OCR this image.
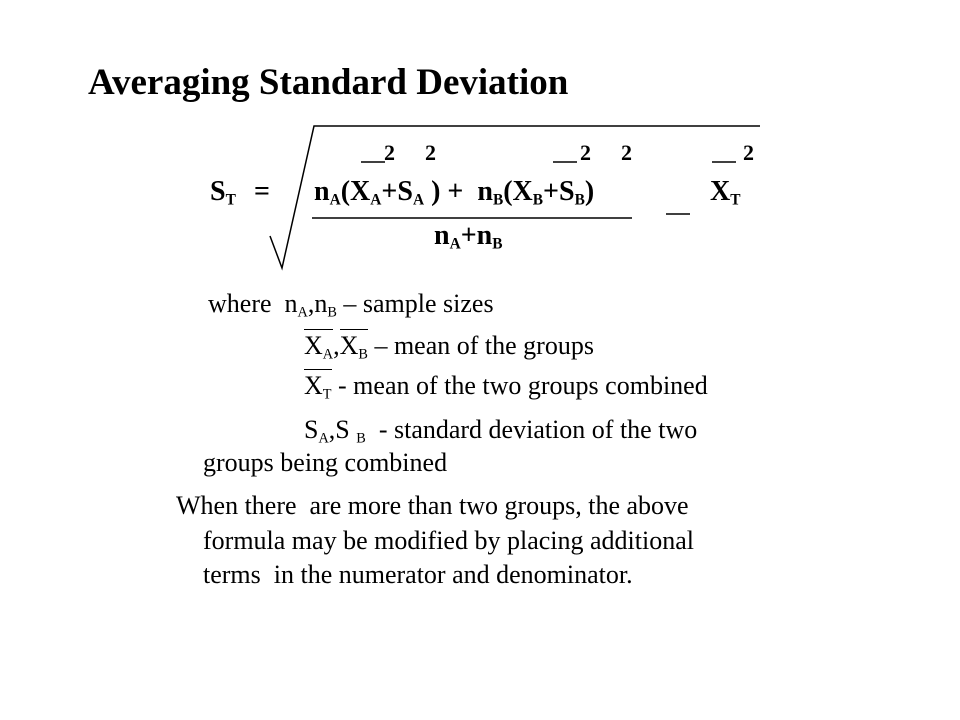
Averaging Standard Deviation
2 2	2 2	2
$S_T = n_A(X_A+S_A$ ) +  $n_B(X_B+S_B)$	$X_T$
$n_A+n_B$
where $n_A,n_B$ – sample sizes
$X_A,X_B$ – mean of the groups
$X_T$ - mean of the two groups combined
$S_A,S$ $_B$  - standard deviation of the two
groups being combined
When there  are more than two groups, the above
formula may be modified by placing additional
terms  in the numerator and denominator.
